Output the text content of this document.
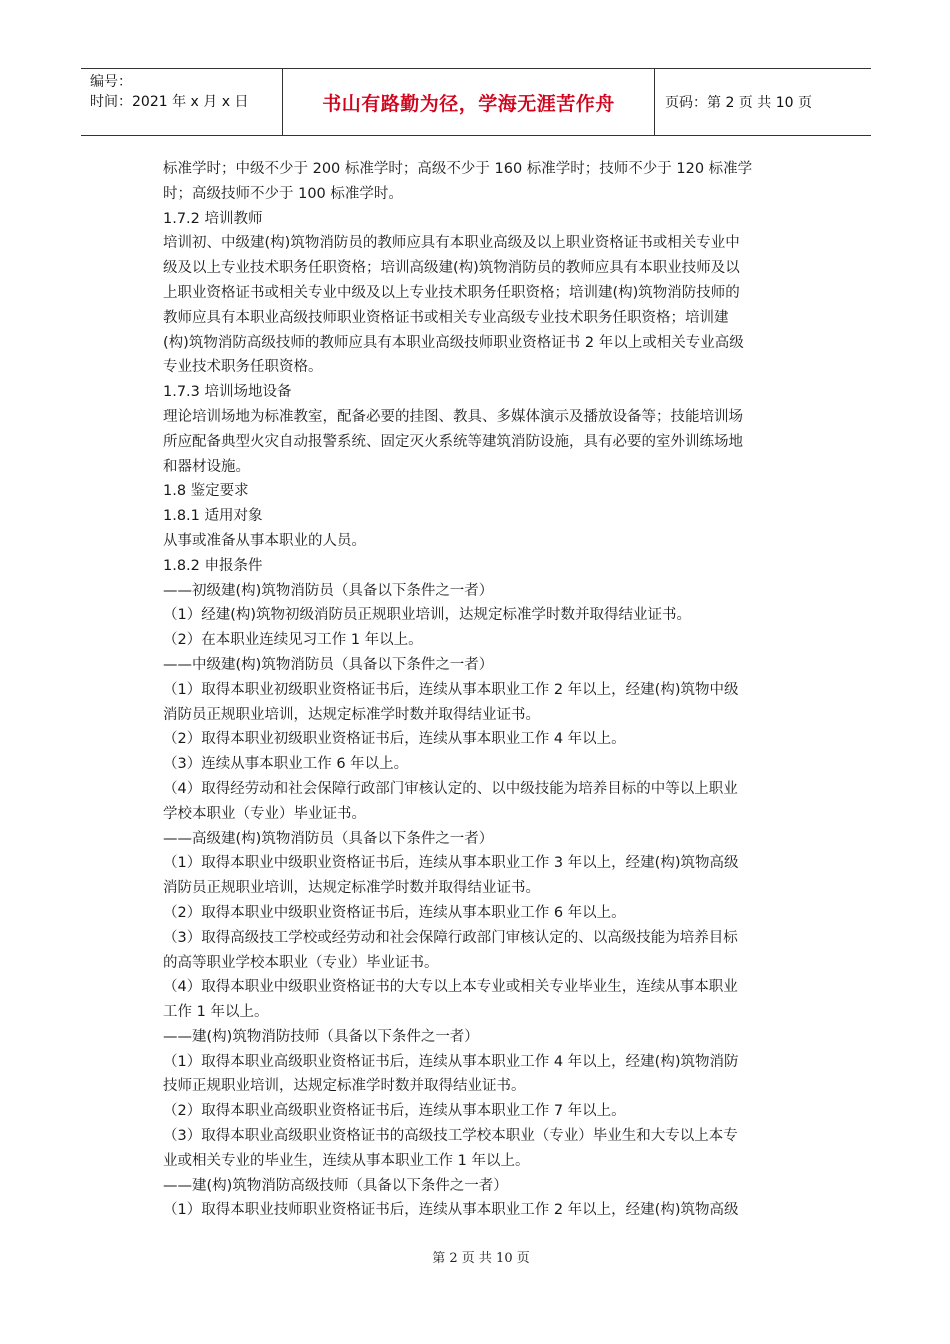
编号：
时间：2021 年 x 月 x 日	书山有路勤为径，学海无涯苦作舟	页码：第 2 页 共 10 页
标准学时；中级不少于 200 标准学时；高级不少于 160 标准学时；技师不少于 120 标准学
时；高级技师不少于 100 标准学时。
1.7.2 培训教师
培训初、中级建(构)筑物消防员的教师应具有本职业高级及以上职业资格证书或相关专业中
级及以上专业技术职务任职资格；培训高级建(构)筑物消防员的教师应具有本职业技师及以
上职业资格证书或相关专业中级及以上专业技术职务任职资格；培训建(构)筑物消防技师的
教师应具有本职业高级技师职业资格证书或相关专业高级专业技术职务任职资格；培训建
(构)筑物消防高级技师的教师应具有本职业高级技师职业资格证书 2 年以上或相关专业高级
专业技术职务任职资格。
1.7.3 培训场地设备
理论培训场地为标准教室，配备必要的挂图、教具、多媒体演示及播放设备等；技能培训场
所应配备典型火灾自动报警系统、固定灭火系统等建筑消防设施，具有必要的室外训练场地
和器材设施。
1.8 鉴定要求
1.8.1 适用对象
从事或准备从事本职业的人员。
1.8.2 申报条件
——初级建(构)筑物消防员（具备以下条件之一者）
（1）经建(构)筑物初级消防员正规职业培训，达规定标准学时数并取得结业证书。
（2）在本职业连续见习工作 1 年以上。
——中级建(构)筑物消防员（具备以下条件之一者）
（1）取得本职业初级职业资格证书后，连续从事本职业工作 2 年以上，经建(构)筑物中级
消防员正规职业培训，达规定标准学时数并取得结业证书。
（2）取得本职业初级职业资格证书后，连续从事本职业工作 4 年以上。
（3）连续从事本职业工作 6 年以上。
（4）取得经劳动和社会保障行政部门审核认定的、以中级技能为培养目标的中等以上职业
学校本职业（专业）毕业证书。
——高级建(构)筑物消防员（具备以下条件之一者）
（1）取得本职业中级职业资格证书后，连续从事本职业工作 3 年以上，经建(构)筑物高级
消防员正规职业培训，达规定标准学时数并取得结业证书。
（2）取得本职业中级职业资格证书后，连续从事本职业工作 6 年以上。
（3）取得高级技工学校或经劳动和社会保障行政部门审核认定的、以高级技能为培养目标
的高等职业学校本职业（专业）毕业证书。
（4）取得本职业中级职业资格证书的大专以上本专业或相关专业毕业生，连续从事本职业
工作 1 年以上。
——建(构)筑物消防技师（具备以下条件之一者）
（1）取得本职业高级职业资格证书后，连续从事本职业工作 4 年以上，经建(构)筑物消防
技师正规职业培训，达规定标准学时数并取得结业证书。
（2）取得本职业高级职业资格证书后，连续从事本职业工作 7 年以上。
（3）取得本职业高级职业资格证书的高级技工学校本职业（专业）毕业生和大专以上本专
业或相关专业的毕业生，连续从事本职业工作 1 年以上。
——建(构)筑物消防高级技师（具备以下条件之一者）
（1）取得本职业技师职业资格证书后，连续从事本职业工作 2 年以上，经建(构)筑物高级
第 2 页 共 10 页
